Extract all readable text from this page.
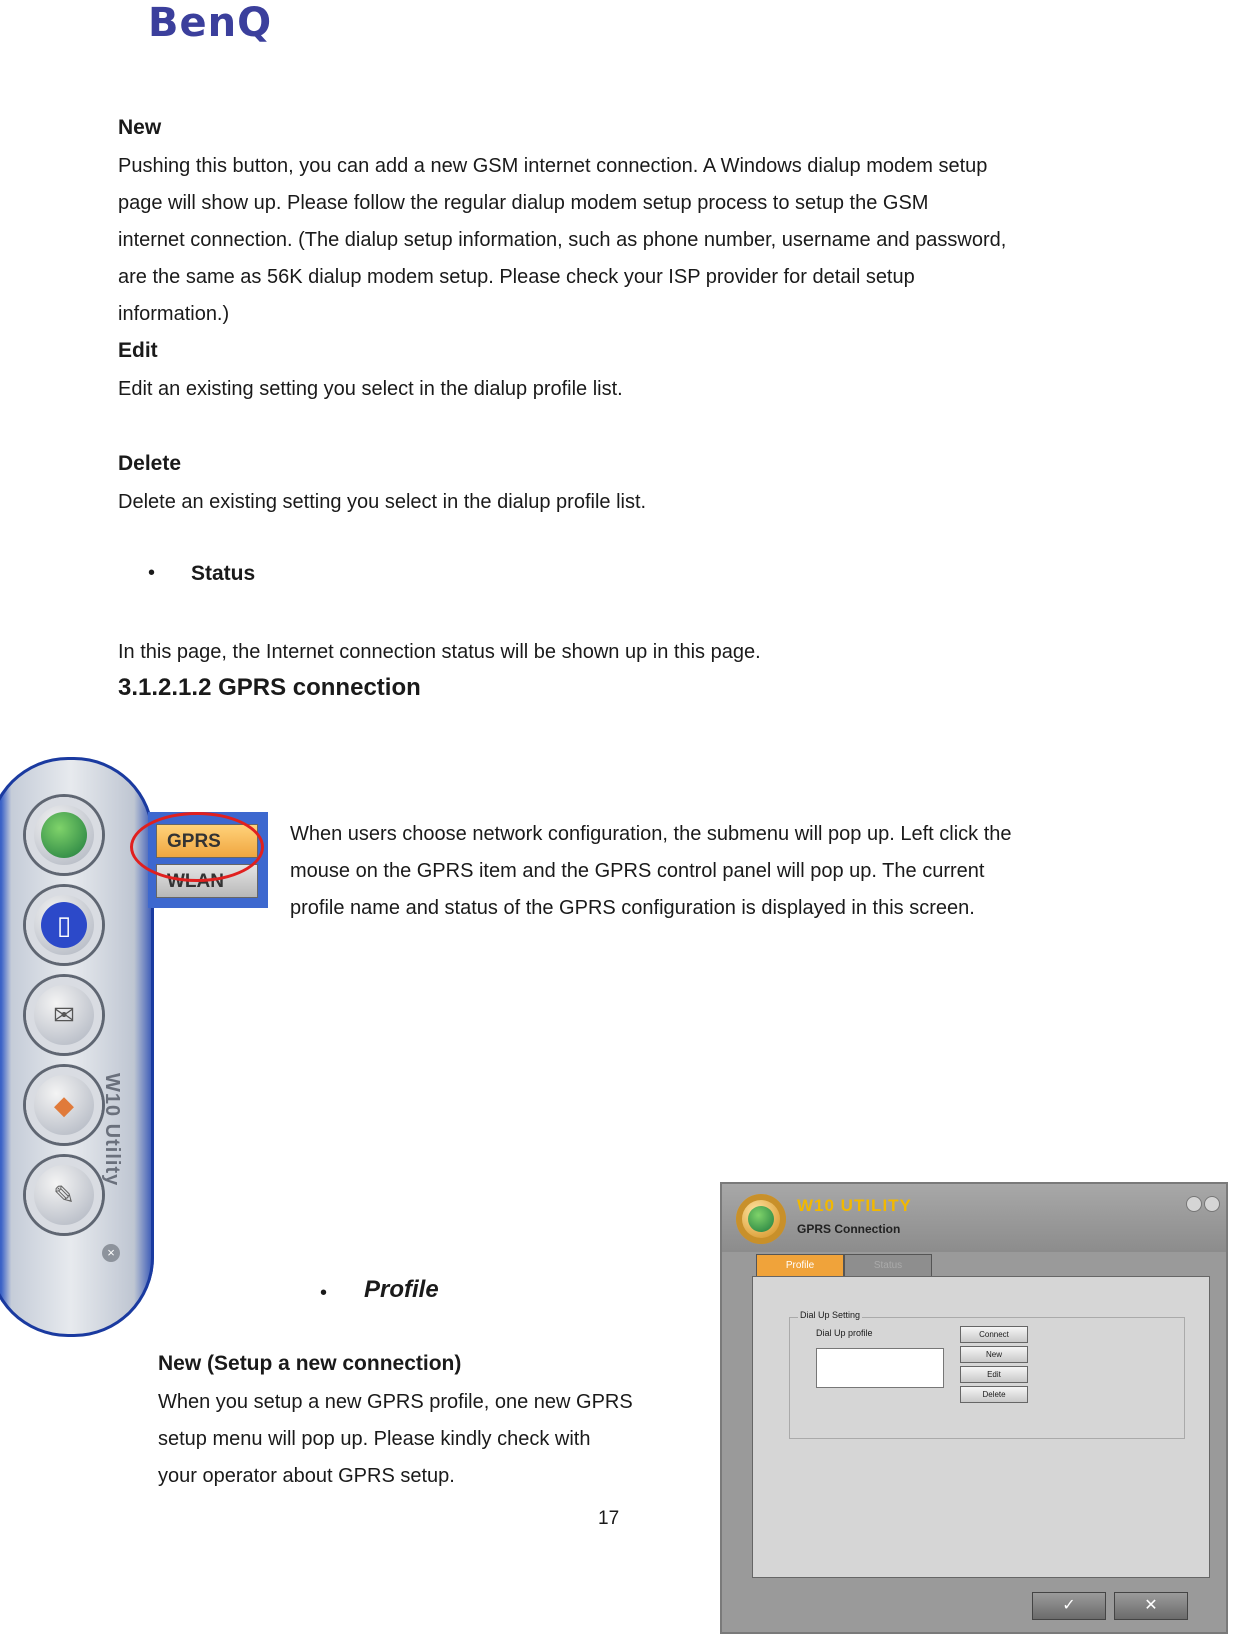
BenQ
New
Pushing this button, you can add a new GSM internet connection. A Windows dialup modem setup
page will show up. Please follow the regular dialup modem setup process to setup the GSM
internet connection. (The dialup setup information, such as phone number, username and password,
are the same as 56K dialup modem setup. Please check your ISP provider for detail setup
information.)
Edit
Edit an existing setting you select in the dialup profile list.
Delete
Delete an existing setting you select in the dialup profile list.
• Status
In this page, the Internet connection status will be shown up in this page.
3.1.2.1.2 GPRS connection
▯
✉
◆
✎
W10 Utility
×
GPRS
WLAN
When users choose network configuration, the submenu will pop up. Left click the
mouse on the GPRS item and the GPRS control panel will pop up. The current
profile name and status of the GPRS configuration is displayed in this screen.
• Profile
New (Setup a new connection)
When you setup a new GPRS profile, one new GPRS
setup menu will pop up. Please kindly check with
your operator about GPRS setup.
W10 UTILITY
GPRS Connection
Profile	Status
Dial Up Setting
Dial Up profile	Connect
New
Edit
Delete
✓	✕
17
